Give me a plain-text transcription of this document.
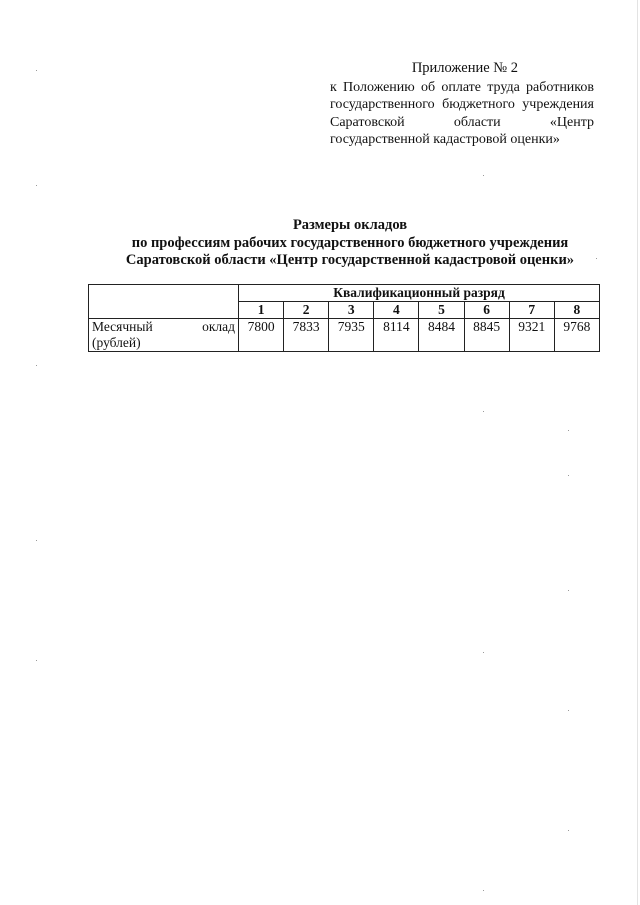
Приложение № 2
к Положению об оплате труда работников государственного бюджетного учреждения Саратовской области «Центр государственной кадастровой оценки»
Размеры окладов
по профессиям рабочих государственного бюджетного учреждения
Саратовской области «Центр государственной кадастровой оценки»
	Квалификационный разряд							
	1	2	3	4	5	6	7	8
Месячный оклад (рублей)	7800	7833	7935	8114	8484	8845	9321	9768
